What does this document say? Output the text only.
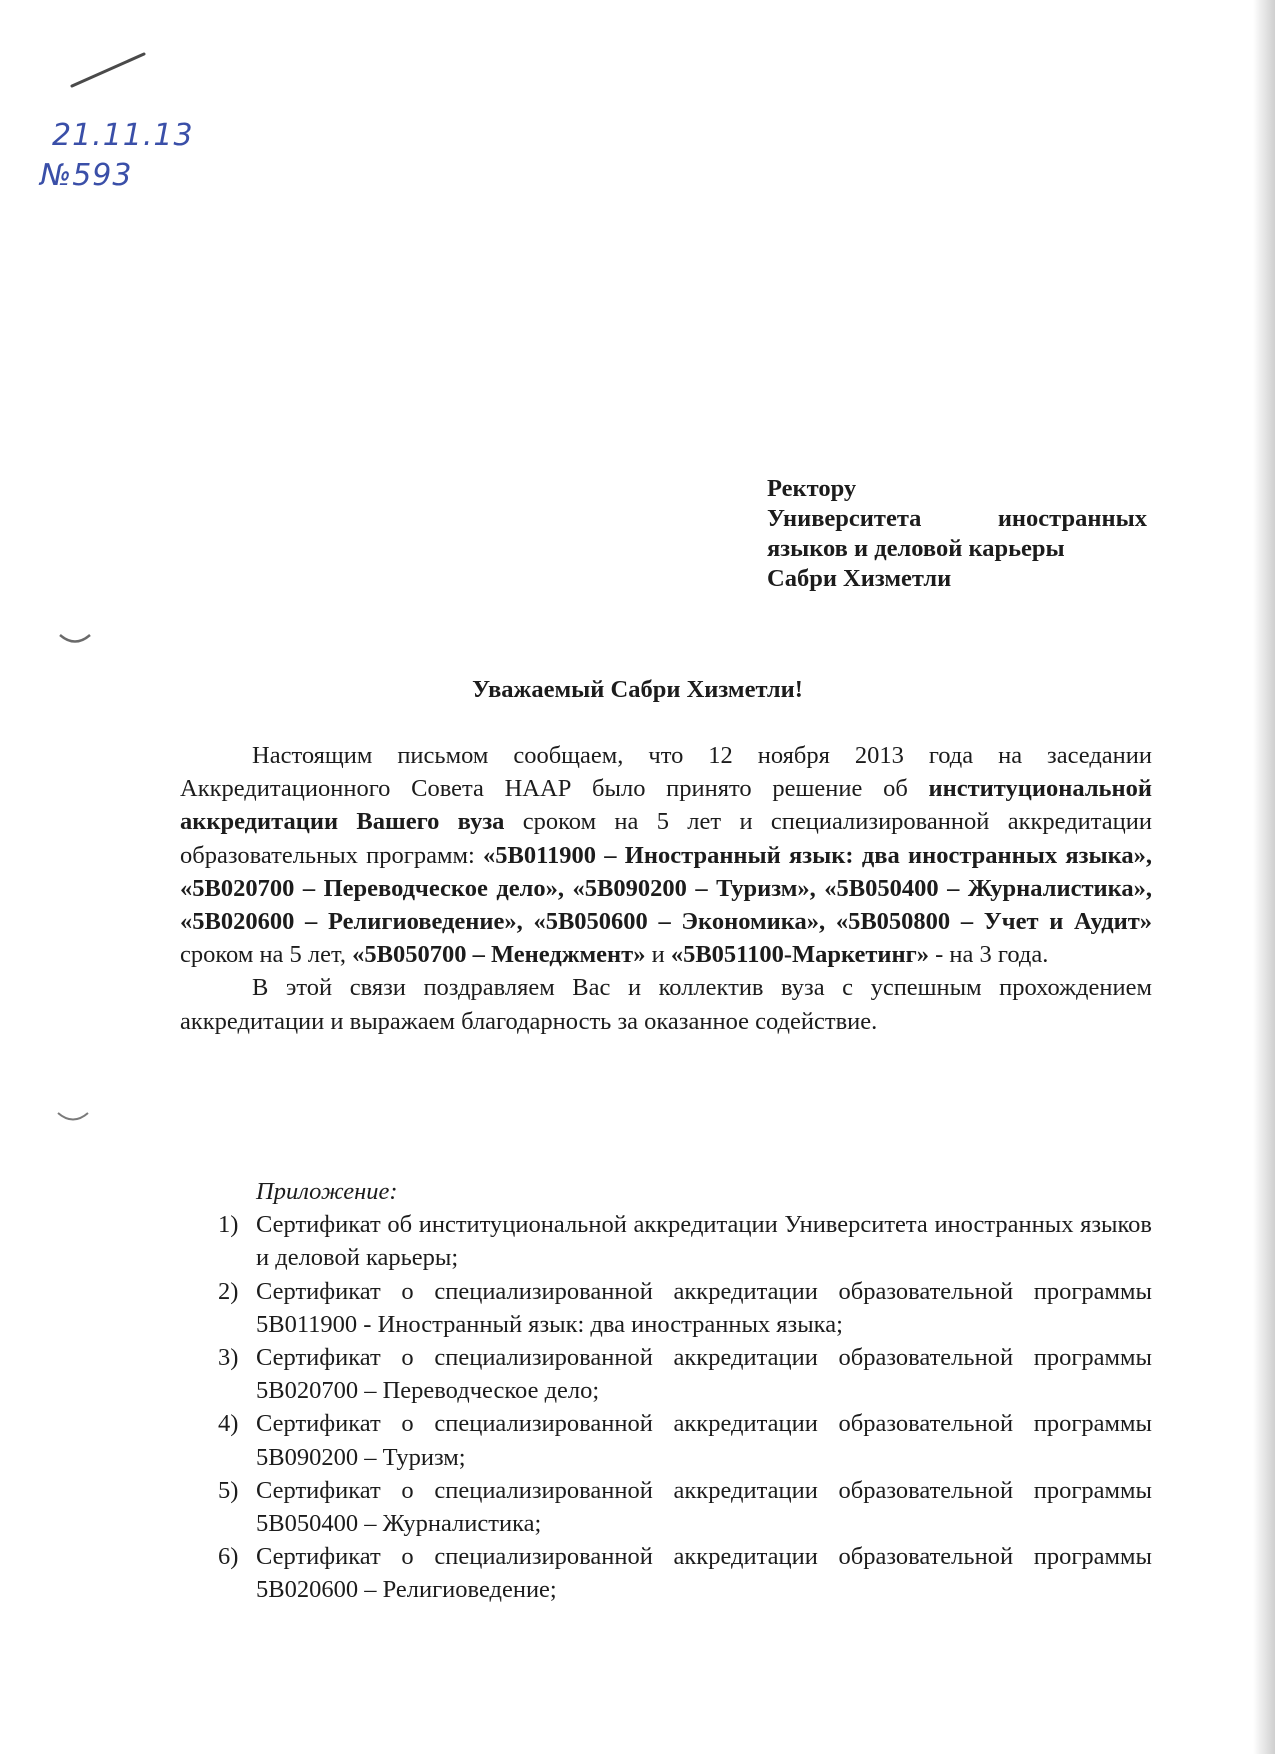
21.11.13
№593
Ректору
Университета	иностранных
языков и деловой карьеры
Сабри Хизметли
Уважаемый Сабри Хизметли!

Настоящим письмом сообщаем, что 12 ноября 2013 года на заседании Аккредитационного Совета НААР было принято решение об институциональной аккредитации Вашего вуза сроком на 5 лет и специализированной аккредитации образовательных программ: «5В011900 – Иностранный язык: два иностранных языка», «5В020700 – Переводческое дело», «5В090200 – Туризм», «5В050400 – Журналистика», «5В020600 – Религиоведение», «5В050600 – Экономика», «5В050800 – Учет и Аудит» сроком на 5 лет, «5В050700 – Менеджмент» и «5В051100-Маркетинг» - на 3 года.

В этой связи поздравляем Вас и коллектив вуза с успешным прохождением аккредитации и выражаем благодарность за оказанное содействие.

Приложение:
1) Сертификат об институциональной аккредитации Университета иностранных языков и деловой карьеры;
2) Сертификат о специализированной аккредитации образовательной программы 5В011900 - Иностранный язык: два иностранных языка;
3) Сертификат о специализированной аккредитации образовательной программы 5В020700 – Переводческое дело;
4) Сертификат о специализированной аккредитации образовательной программы 5В090200 – Туризм;
5) Сертификат о специализированной аккредитации образовательной программы 5В050400 – Журналистика;
6) Сертификат о специализированной аккредитации образовательной программы 5В020600 – Религиоведение;
